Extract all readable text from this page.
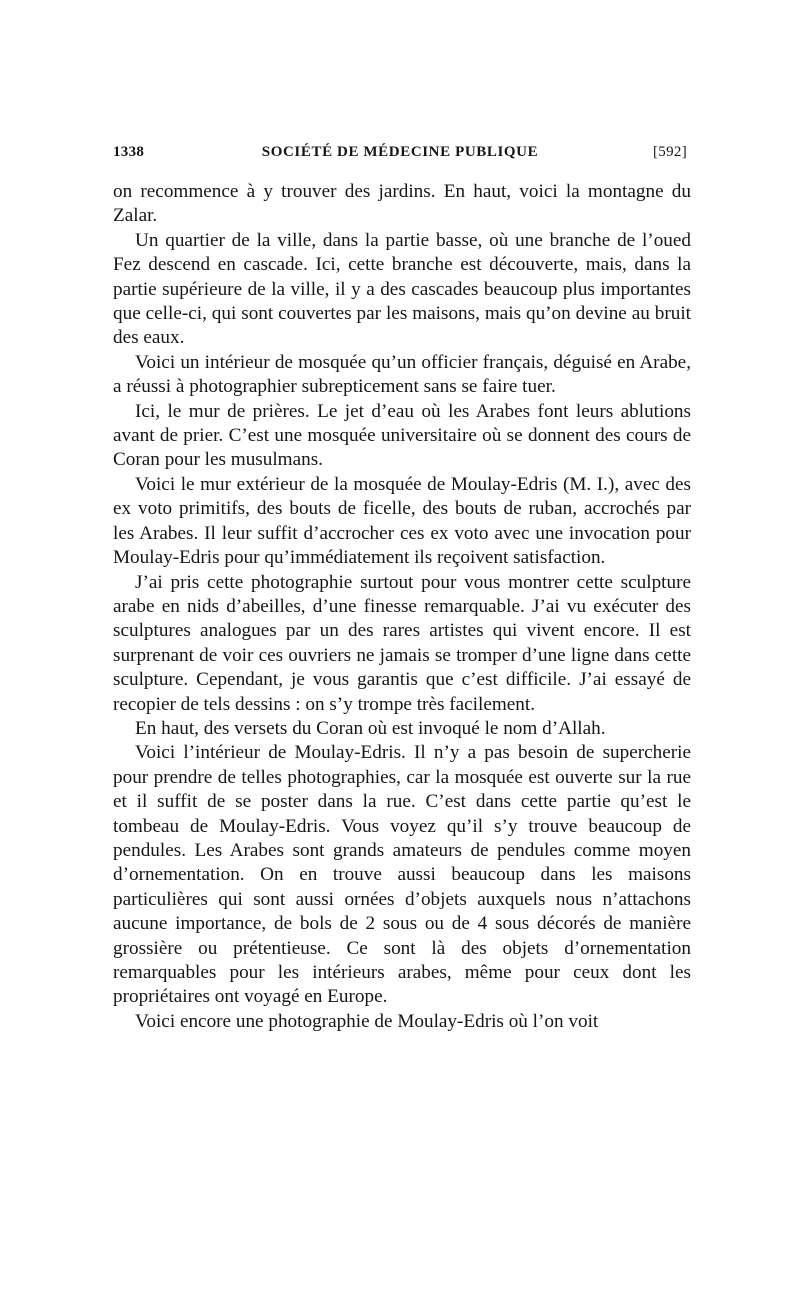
1338	SOCIÉTÉ DE MÉDECINE PUBLIQUE	[592]

on recommence à y trouver des jardins. En haut, voici la montagne du Zalar.

Un quartier de la ville, dans la partie basse, où une branche de l’oued Fez descend en cascade. Ici, cette branche est découverte, mais, dans la partie supérieure de la ville, il y a des cascades beaucoup plus importantes que celle-ci, qui sont couvertes par les maisons, mais qu’on devine au bruit des eaux.

Voici un intérieur de mosquée qu’un officier français, déguisé en Arabe, a réussi à photographier subrepticement sans se faire tuer.

Ici, le mur de prières. Le jet d’eau où les Arabes font leurs ablutions avant de prier. C’est une mosquée universitaire où se donnent des cours de Coran pour les musulmans.

Voici le mur extérieur de la mosquée de Moulay-Edris (M. I.), avec des ex voto primitifs, des bouts de ficelle, des bouts de ruban, accrochés par les Arabes. Il leur suffit d’accrocher ces ex voto avec une invocation pour Moulay-Edris pour qu’immédiatement ils reçoivent satisfaction.

J’ai pris cette photographie surtout pour vous montrer cette sculpture arabe en nids d’abeilles, d’une finesse remarquable. J’ai vu exécuter des sculptures analogues par un des rares artistes qui vivent encore. Il est surprenant de voir ces ouvriers ne jamais se tromper d’une ligne dans cette sculpture. Cependant, je vous garantis que c’est difficile. J’ai essayé de recopier de tels dessins : on s’y trompe très facilement.

En haut, des versets du Coran où est invoqué le nom d’Allah.

Voici l’intérieur de Moulay-Edris. Il n’y a pas besoin de supercherie pour prendre de telles photographies, car la mosquée est ouverte sur la rue et il suffit de se poster dans la rue. C’est dans cette partie qu’est le tombeau de Moulay-Edris. Vous voyez qu’il s’y trouve beaucoup de pendules. Les Arabes sont grands amateurs de pendules comme moyen d’ornementation. On en trouve aussi beaucoup dans les maisons particulières qui sont aussi ornées d’objets auxquels nous n’attachons aucune importance, de bols de 2 sous ou de 4 sous décorés de manière grossière ou prétentieuse. Ce sont là des objets d’ornementation remarquables pour les intérieurs arabes, même pour ceux dont les propriétaires ont voyagé en Europe.

Voici encore une photographie de Moulay-Edris où l’on voit
